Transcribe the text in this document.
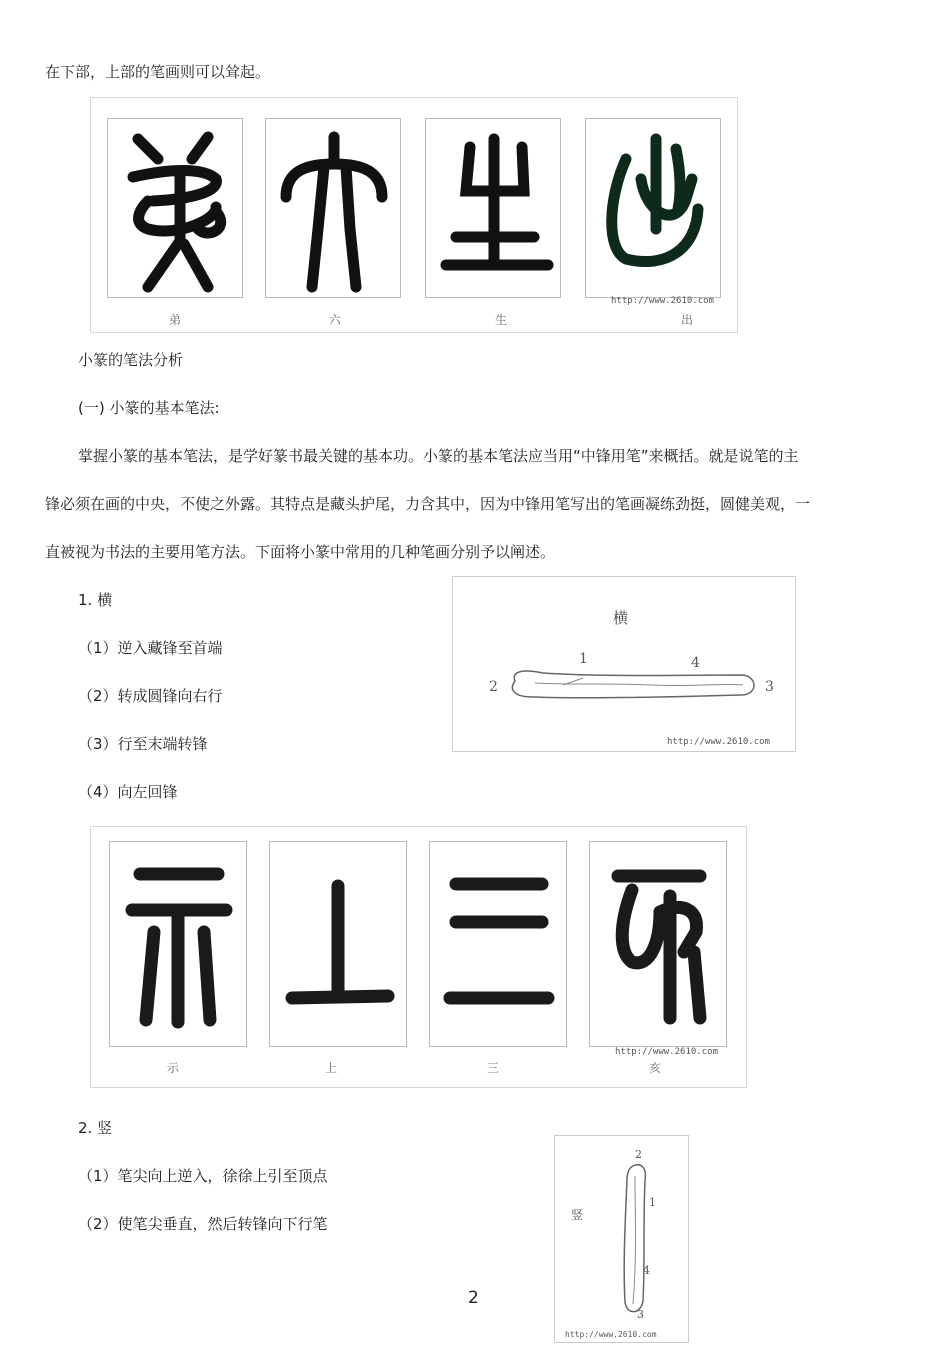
在下部，上部的笔画则可以耸起。
弟	六	生	出
http://www.2610.com
小篆的笔法分析
(一) 小篆的基本笔法:
掌握小篆的基本笔法，是学好篆书最关键的基本功。小篆的基本笔法应当用“中锋用笔”来概括。就是说笔的主
锋必须在画的中央，不使之外露。其特点是藏头护尾，力含其中，因为中锋用笔写出的笔画凝练劲挺，圆健美观，一
直被视为书法的主要用笔方法。下面将小篆中常用的几种笔画分别予以阐述。
1. 横
（1）逆入藏锋至首端
（2）转成圆锋向右行
（3）行至末端转锋
（4）向左回锋
横
1	4
2	3
http://www.2610.com
示	上	三	亥
http://www.2610.com
2. 竖
（1）笔尖向上逆入，徐徐上引至顶点
（2）使笔尖垂直，然后转锋向下行笔	竖
2
1
4
3
http://www.2610.com
2
